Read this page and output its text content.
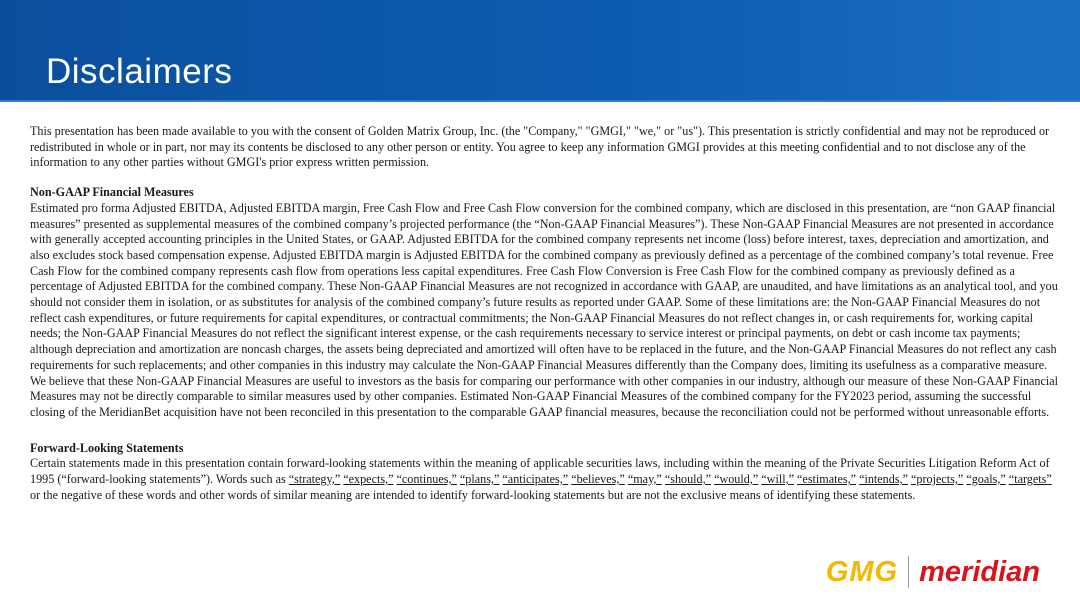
Disclaimers

This presentation has been made available to you with the consent of Golden Matrix Group, Inc. (the "Company," "GMGI," "we," or "us"). This presentation is strictly confidential and may not be reproduced or redistributed in whole or in part, nor may its contents be disclosed to any other person or entity. You agree to keep any information GMGI provides at this meeting confidential and to not disclose any of the information to any other parties without GMGI's prior express written permission.

Non-GAAP Financial Measures

Estimated pro forma Adjusted EBITDA, Adjusted EBITDA margin, Free Cash Flow and Free Cash Flow conversion for the combined company, which are disclosed in this presentation, are “non GAAP financial measures” presented as supplemental measures of the combined company’s projected performance (the “Non-GAAP Financial Measures”). These Non-GAAP Financial Measures are not presented in accordance with generally accepted accounting principles in the United States, or GAAP. Adjusted EBITDA for the combined company represents net income (loss) before interest, taxes, depreciation and amortization, and also excludes stock based compensation expense. Adjusted EBITDA margin is Adjusted EBITDA for the combined company as previously defined as a percentage of the combined company’s total revenue. Free Cash Flow for the combined company represents cash flow from operations less capital expenditures. Free Cash Flow Conversion is Free Cash Flow for the combined company as previously defined as a percentage of Adjusted EBITDA for the combined company. These Non-GAAP Financial Measures are not recognized in accordance with GAAP, are unaudited, and have limitations as an analytical tool, and you should not consider them in isolation, or as substitutes for analysis of the combined company’s future results as reported under GAAP. Some of these limitations are: the Non-GAAP Financial Measures do not reflect cash expenditures, or future requirements for capital expenditures, or contractual commitments; the Non-GAAP Financial Measures do not reflect changes in, or cash requirements for, working capital needs; the Non-GAAP Financial Measures do not reflect the significant interest expense, or the cash requirements necessary to service interest or principal payments, on debt or cash income tax payments; although depreciation and amortization are noncash charges, the assets being depreciated and amortized will often have to be replaced in the future, and the Non-GAAP Financial Measures do not reflect any cash requirements for such replacements; and other companies in this industry may calculate the Non-GAAP Financial Measures differently than the Company does, limiting its usefulness as a comparative measure. We believe that these Non-GAAP Financial Measures are useful to investors as the basis for comparing our performance with other companies in our industry, although our measure of these Non-GAAP Financial Measures may not be directly comparable to similar measures used by other companies. Estimated Non-GAAP Financial Measures of the combined company for the FY2023 period, assuming the successful closing of the MeridianBet acquisition have not been reconciled in this presentation to the comparable GAAP financial measures, because the reconciliation could not be performed without unreasonable efforts.

Forward-Looking Statements

Certain statements made in this presentation contain forward-looking statements within the meaning of applicable securities laws, including within the meaning of the Private Securities Litigation Reform Act of 1995 (“forward-looking statements”). Words such as “strategy,” “expects,” “continues,” “plans,” “anticipates,” “believes,” “may,” “should,” “would,” “will,” “estimates,” “intends,” “projects,” “goals,” “targets” or the negative of these words and other words of similar meaning are intended to identify forward-looking statements but are not the exclusive means of identifying these statements.

GMG meridian
